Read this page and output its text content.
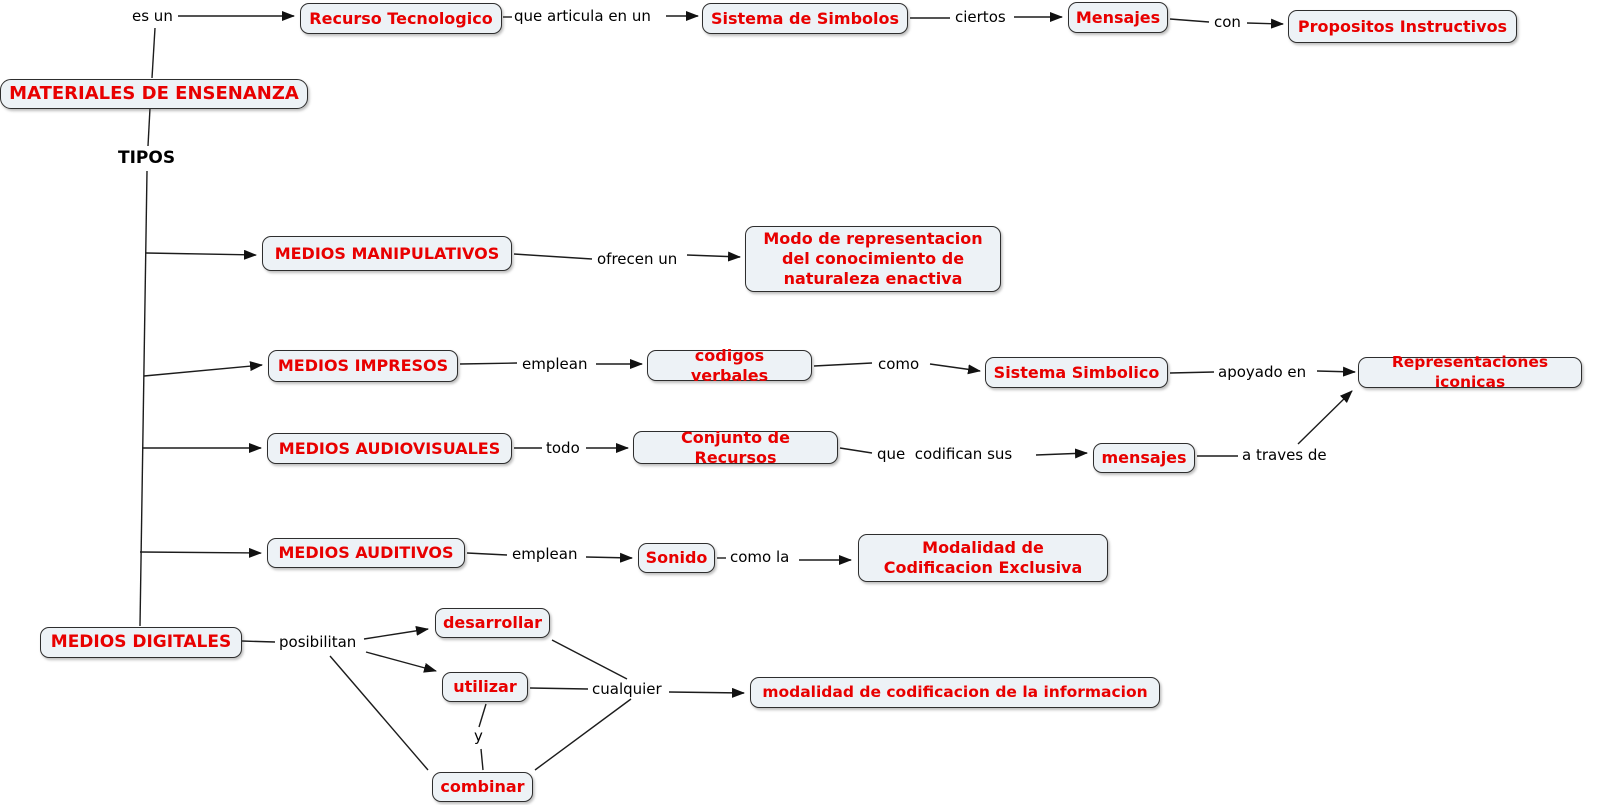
MATERIALES DE ENSENANZA
Recurso Tecnologico	Sistema de Simbolos	Mensajes	Propositos Instructivos
MEDIOS MANIPULATIVOS
Modo de representacion del conocimiento de naturaleza enactiva
MEDIOS IMPRESOS
codigos verbales	Sistema Simbolico
Representaciones iconicas
MEDIOS AUDIOVISUALES
Conjunto de Recursos	mensajes
MEDIOS AUDITIVOS	Sonido
Modalidad de Codificacion Exclusiva
MEDIOS DIGITALES
desarrollar
utilizar
combinar
modalidad de codificacion de la informacion
es un	que articula en un	ciertos	con
TIPOS
ofrecen un
emplean	como	apoyado en
todo	que  codifican sus	a traves de
emplean	como la
posibilitan
cualquier
y
